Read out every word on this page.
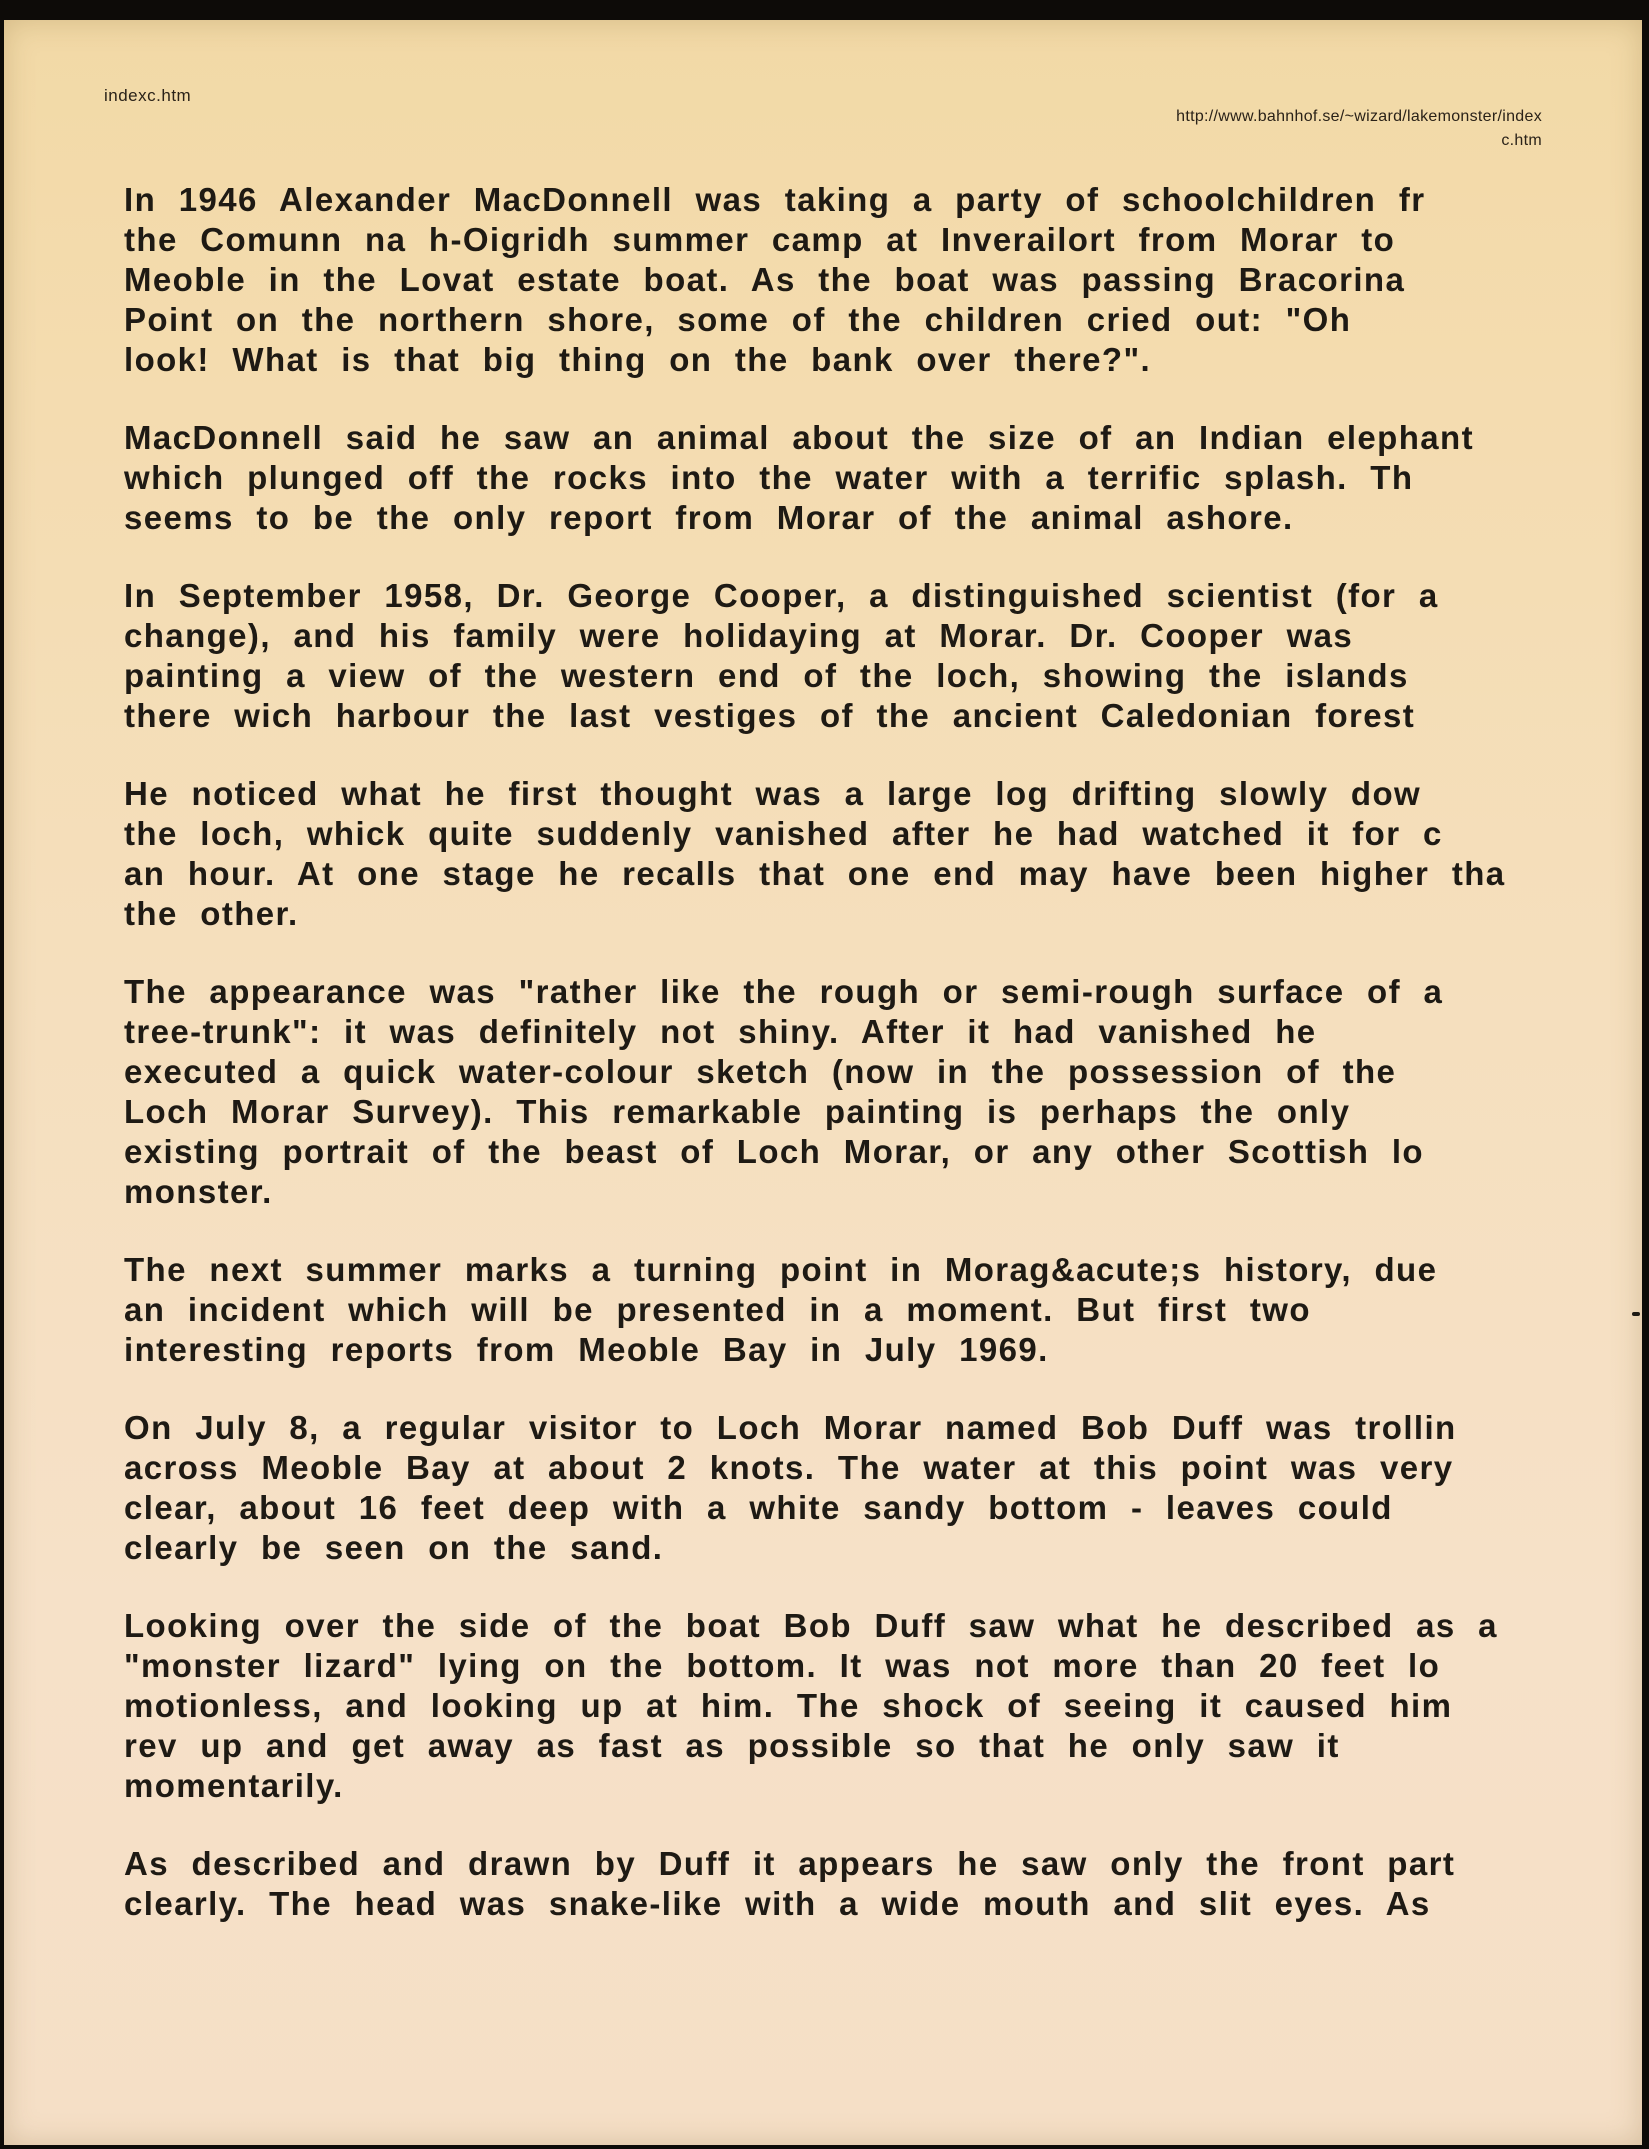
indexc.htm
http://www.bahnhof.se/~wizard/lakemonster/index
c.htm
In 1946 Alexander MacDonnell was taking a party of schoolchildren fr
the Comunn na h-Oigridh summer camp at Inverailort from Morar to
Meoble in the Lovat estate boat. As the boat was passing Bracorina
Point on the northern shore, some of the children cried out: "Oh
look! What is that big thing on the bank over there?".
MacDonnell said he saw an animal about the size of an Indian elephant
which plunged off the rocks into the water with a terrific splash. Th
seems to be the only report from Morar of the animal ashore.
In September 1958, Dr. George Cooper, a distinguished scientist (for a
change), and his family were holidaying at Morar. Dr. Cooper was
painting a view of the western end of the loch, showing the islands
there wich harbour the last vestiges of the ancient Caledonian forest
He noticed what he first thought was a large log drifting slowly dow
the loch, whick quite suddenly vanished after he had watched it for c
an hour. At one stage he recalls that one end may have been higher tha
the other.
The appearance was "rather like the rough or semi-rough surface of a
tree-trunk": it was definitely not shiny. After it had vanished he
executed a quick water-colour sketch (now in the possession of the
Loch Morar Survey). This remarkable painting is perhaps the only
existing portrait of the beast of Loch Morar, or any other Scottish lo
monster.
The next summer marks a turning point in Morag&acute;s history, due
an incident which will be presented in a moment. But first two
interesting reports from Meoble Bay in July 1969.
On July 8, a regular visitor to Loch Morar named Bob Duff was trollin
across Meoble Bay at about 2 knots. The water at this point was very
clear, about 16 feet deep with a white sandy bottom - leaves could
clearly be seen on the sand.
Looking over the side of the boat Bob Duff saw what he described as a
"monster lizard" lying on the bottom. It was not more than 20 feet lo
motionless, and looking up at him. The shock of seeing it caused him
rev up and get away as fast as possible so that he only saw it
momentarily.
As described and drawn by Duff it appears he saw only the front part
clearly. The head was snake-like with a wide mouth and slit eyes. As
